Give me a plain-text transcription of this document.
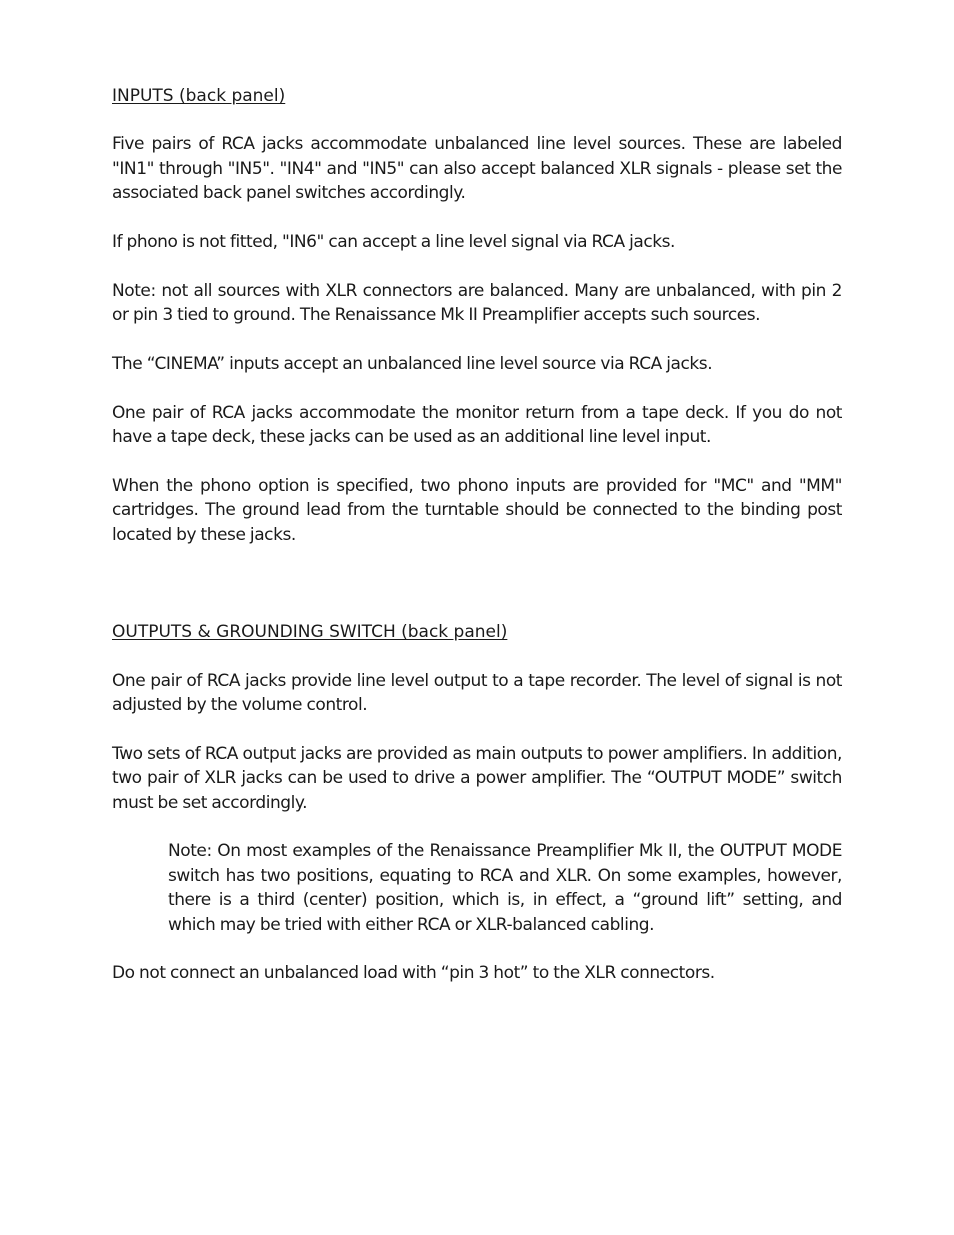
INPUTS (back panel)

Five pairs of RCA jacks accommodate unbalanced line level sources. These are labeled "IN1" through "IN5". "IN4" and "IN5" can also accept balanced XLR signals - please set the associated back panel switches accordingly.

If phono is not fitted, "IN6" can accept a line level signal via RCA jacks.

Note: not all sources with XLR connectors are balanced. Many are unbalanced, with pin 2 or pin 3 tied to ground. The Renaissance Mk II Preamplifier accepts such sources.

The “CINEMA” inputs accept an unbalanced line level source via RCA jacks.

One pair of RCA jacks accommodate the monitor return from a tape deck. If you do not have a tape deck, these jacks can be used as an additional line level input.

When the phono option is specified, two phono inputs are provided for "MC" and "MM" cartridges. The ground lead from the turntable should be connected to the binding post located by these jacks.

OUTPUTS & GROUNDING SWITCH (back panel)

One pair of RCA jacks provide line level output to a tape recorder. The level of signal is not adjusted by the volume control.

Two sets of RCA output jacks are provided as main outputs to power amplifiers. In addition, two pair of XLR jacks can be used to drive a power amplifier. The “OUTPUT MODE” switch must be set accordingly.

Note: On most examples of the Renaissance Preamplifier Mk II, the OUTPUT MODE switch has two positions, equating to RCA and XLR. On some examples, however, there is a third (center) position, which is, in effect, a “ground lift” setting, and which may be tried with either RCA or XLR-balanced cabling.

Do not connect an unbalanced load with “pin 3 hot” to the XLR connectors.
